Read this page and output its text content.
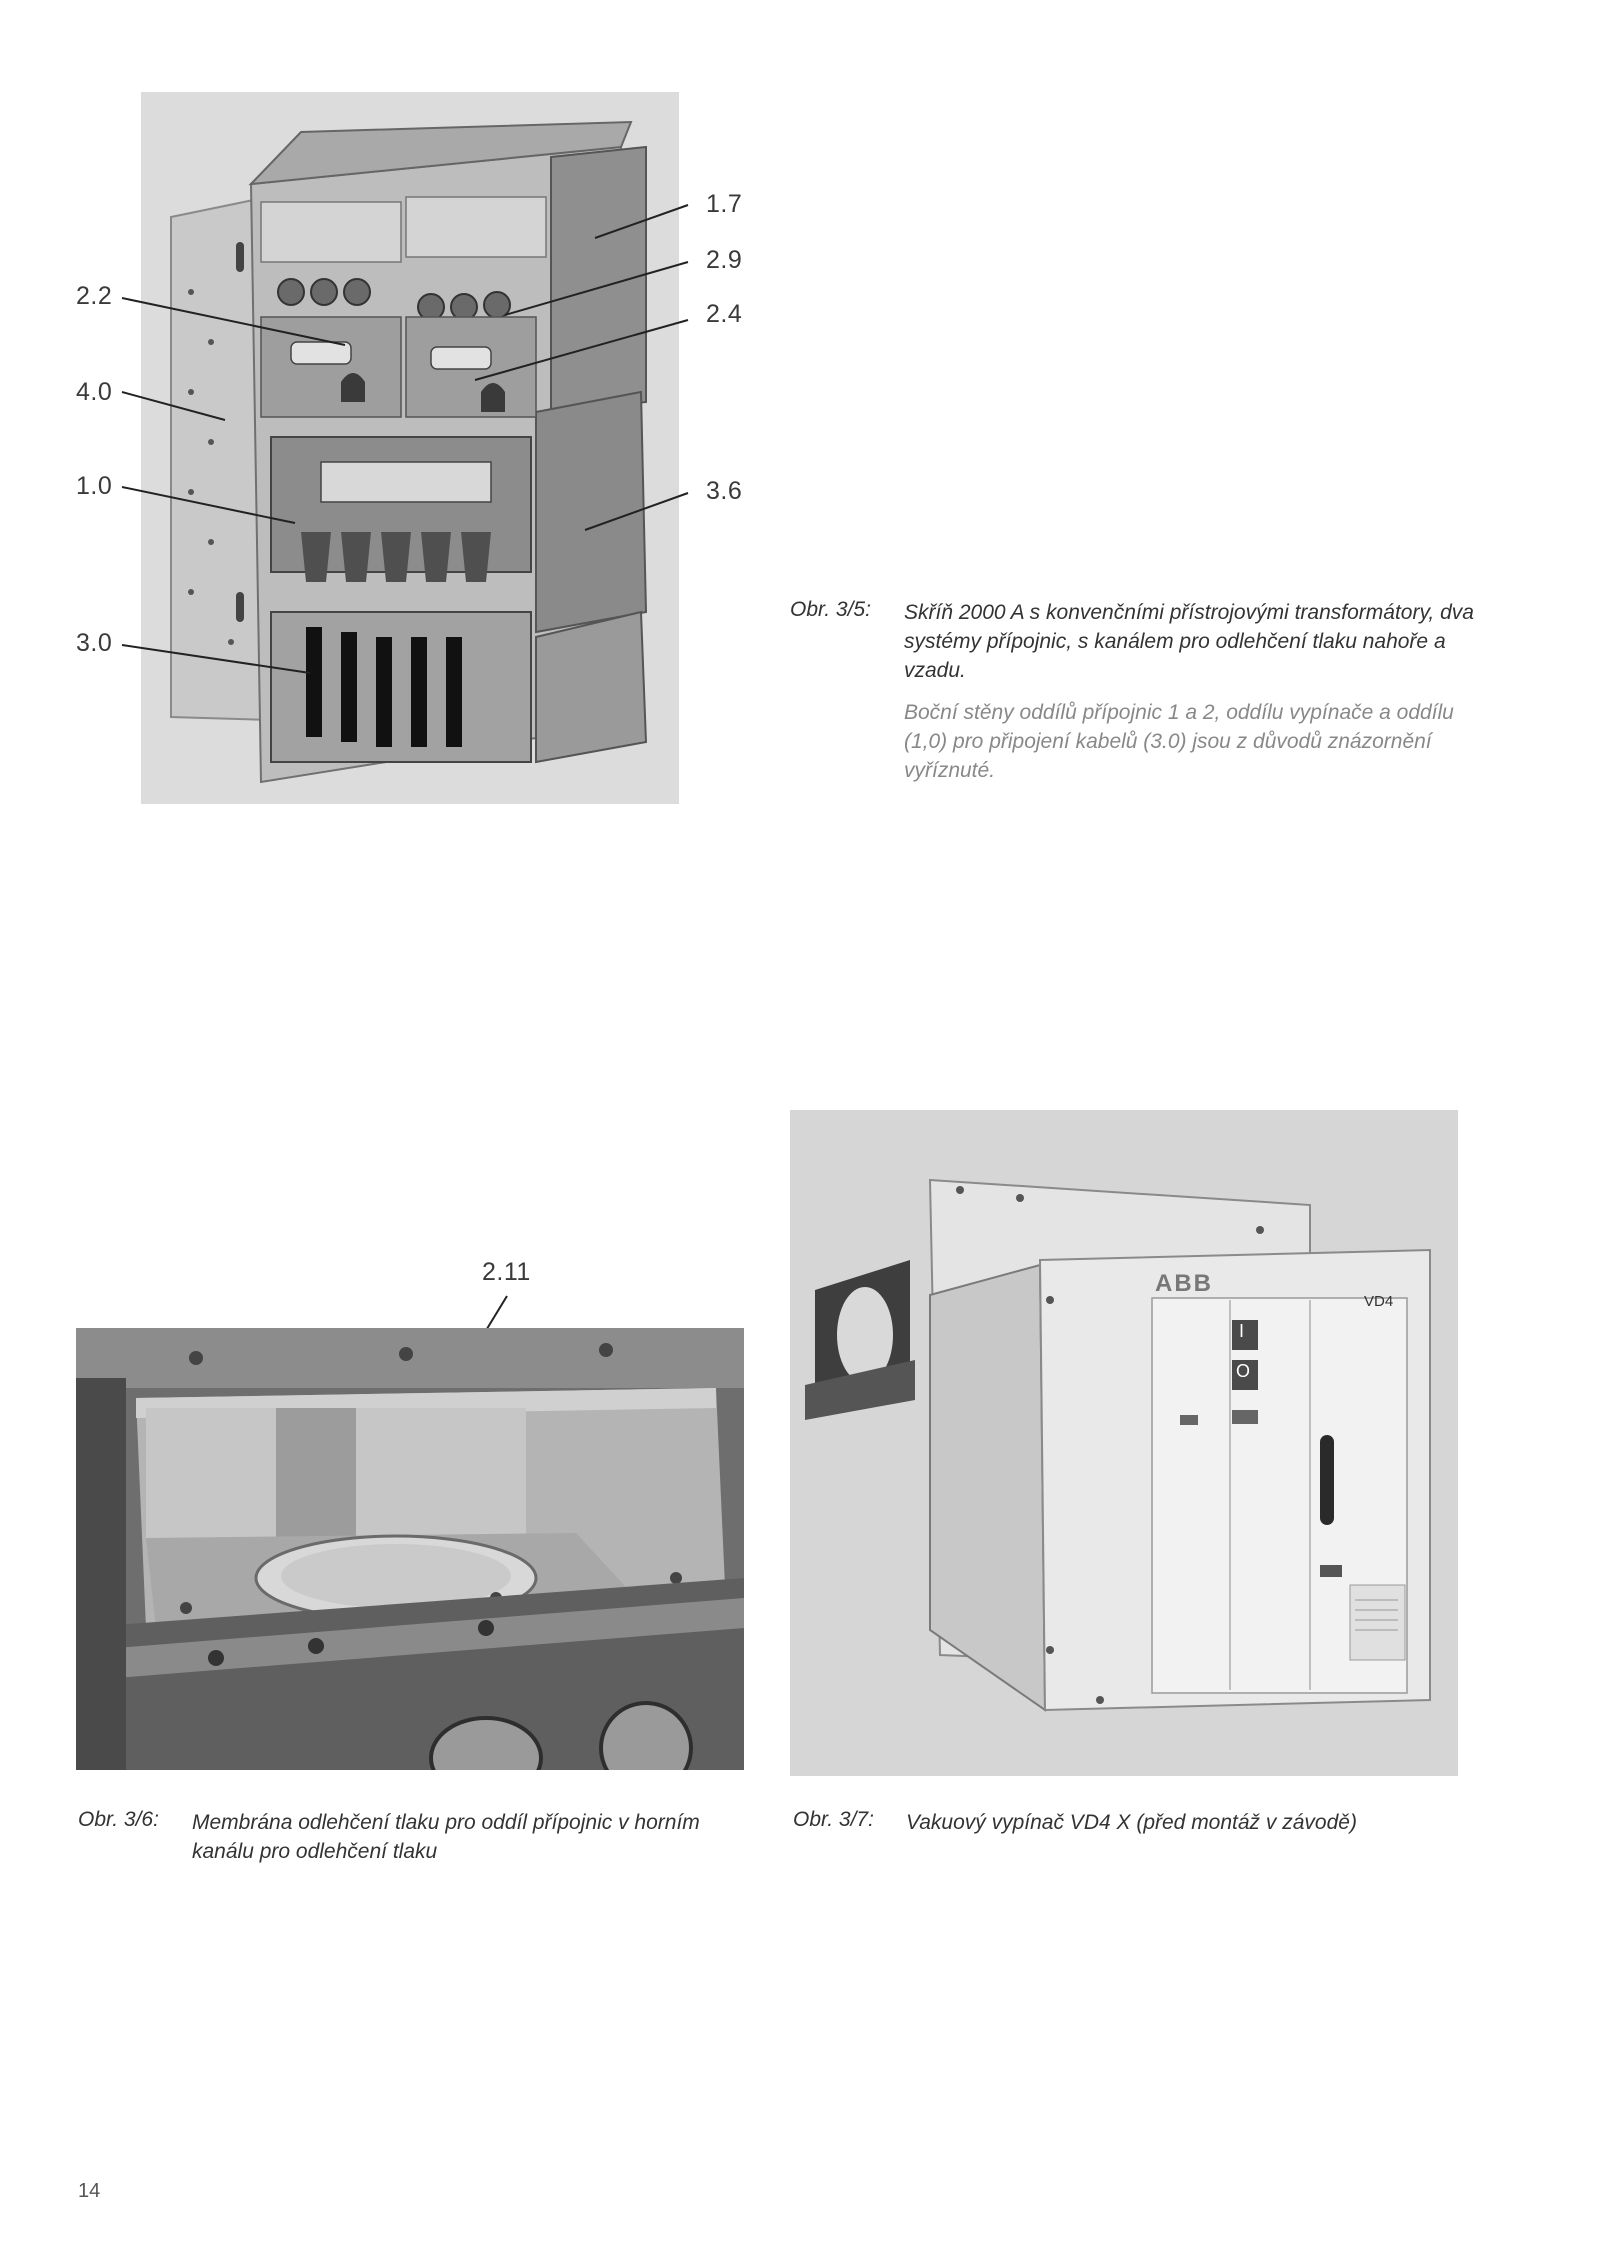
1.7
2.9
2.2
2.4
4.0
1.0	3.6
3.0
Obr. 3/5: Skříň 2000 A s konvenčními přístrojovými transformátory, dva systémy přípojnic, s kanálem pro odlehčení tlaku nahoře a vzadu.
Boční stěny oddílů přípojnic 1 a 2, oddílu vypínače a oddílu (1,0) pro připojení kabelů (3.0) jsou z důvodů znázornění vyříznuté.
ABB
VD4
I
O
2.11
Obr. 3/6: Membrána odlehčení tlaku pro oddíl přípojnic v horním kanálu pro odlehčení tlaku
Obr. 3/7: Vakuový vypínač VD4 X (před montáž v závodě)
14
